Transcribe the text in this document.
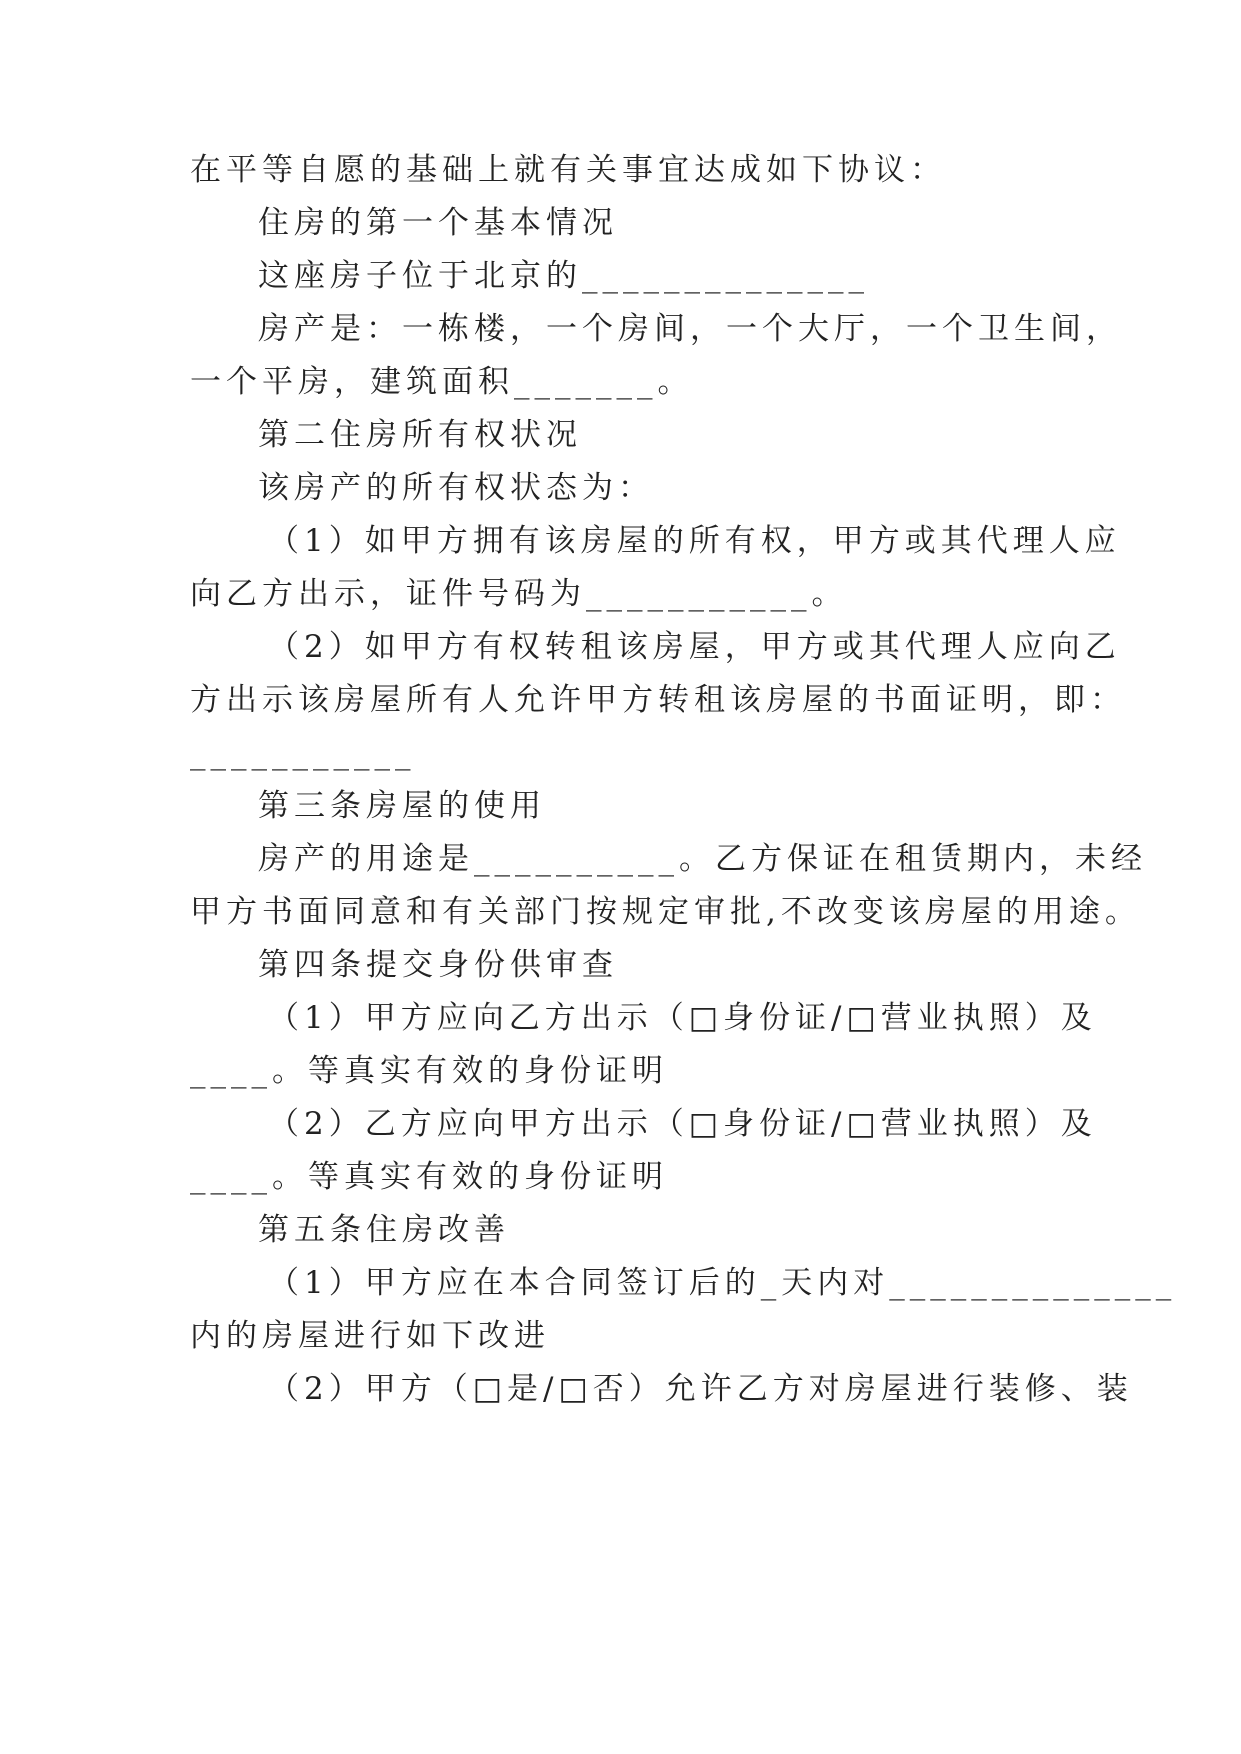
在平等自愿的基础上就有关事宜达成如下协议：
住房的第一个基本情况
这座房子位于北京的______________
房产是：一栋楼，一个房间，一个大厅，一个卫生间，
一个平房，建筑面积_______。
第二住房所有权状况
该房产的所有权状态为：
（1）如甲方拥有该房屋的所有权，甲方或其代理人应
向乙方出示，证件号码为___________。
（2）如甲方有权转租该房屋，甲方或其代理人应向乙
方出示该房屋所有人允许甲方转租该房屋的书面证明，即：
___________
第三条房屋的使用
房产的用途是__________。乙方保证在租赁期内，未经
甲方书面同意和有关部门按规定审批,不改变该房屋的用途。
第四条提交身份供审查
（1）甲方应向乙方出示（□身份证/□营业执照）及
____。等真实有效的身份证明
（2）乙方应向甲方出示（□身份证/□营业执照）及
____。等真实有效的身份证明
第五条住房改善
（1）甲方应在本合同签订后的_天内对______________
内的房屋进行如下改进
（2）甲方（□是/□否）允许乙方对房屋进行装修、装
